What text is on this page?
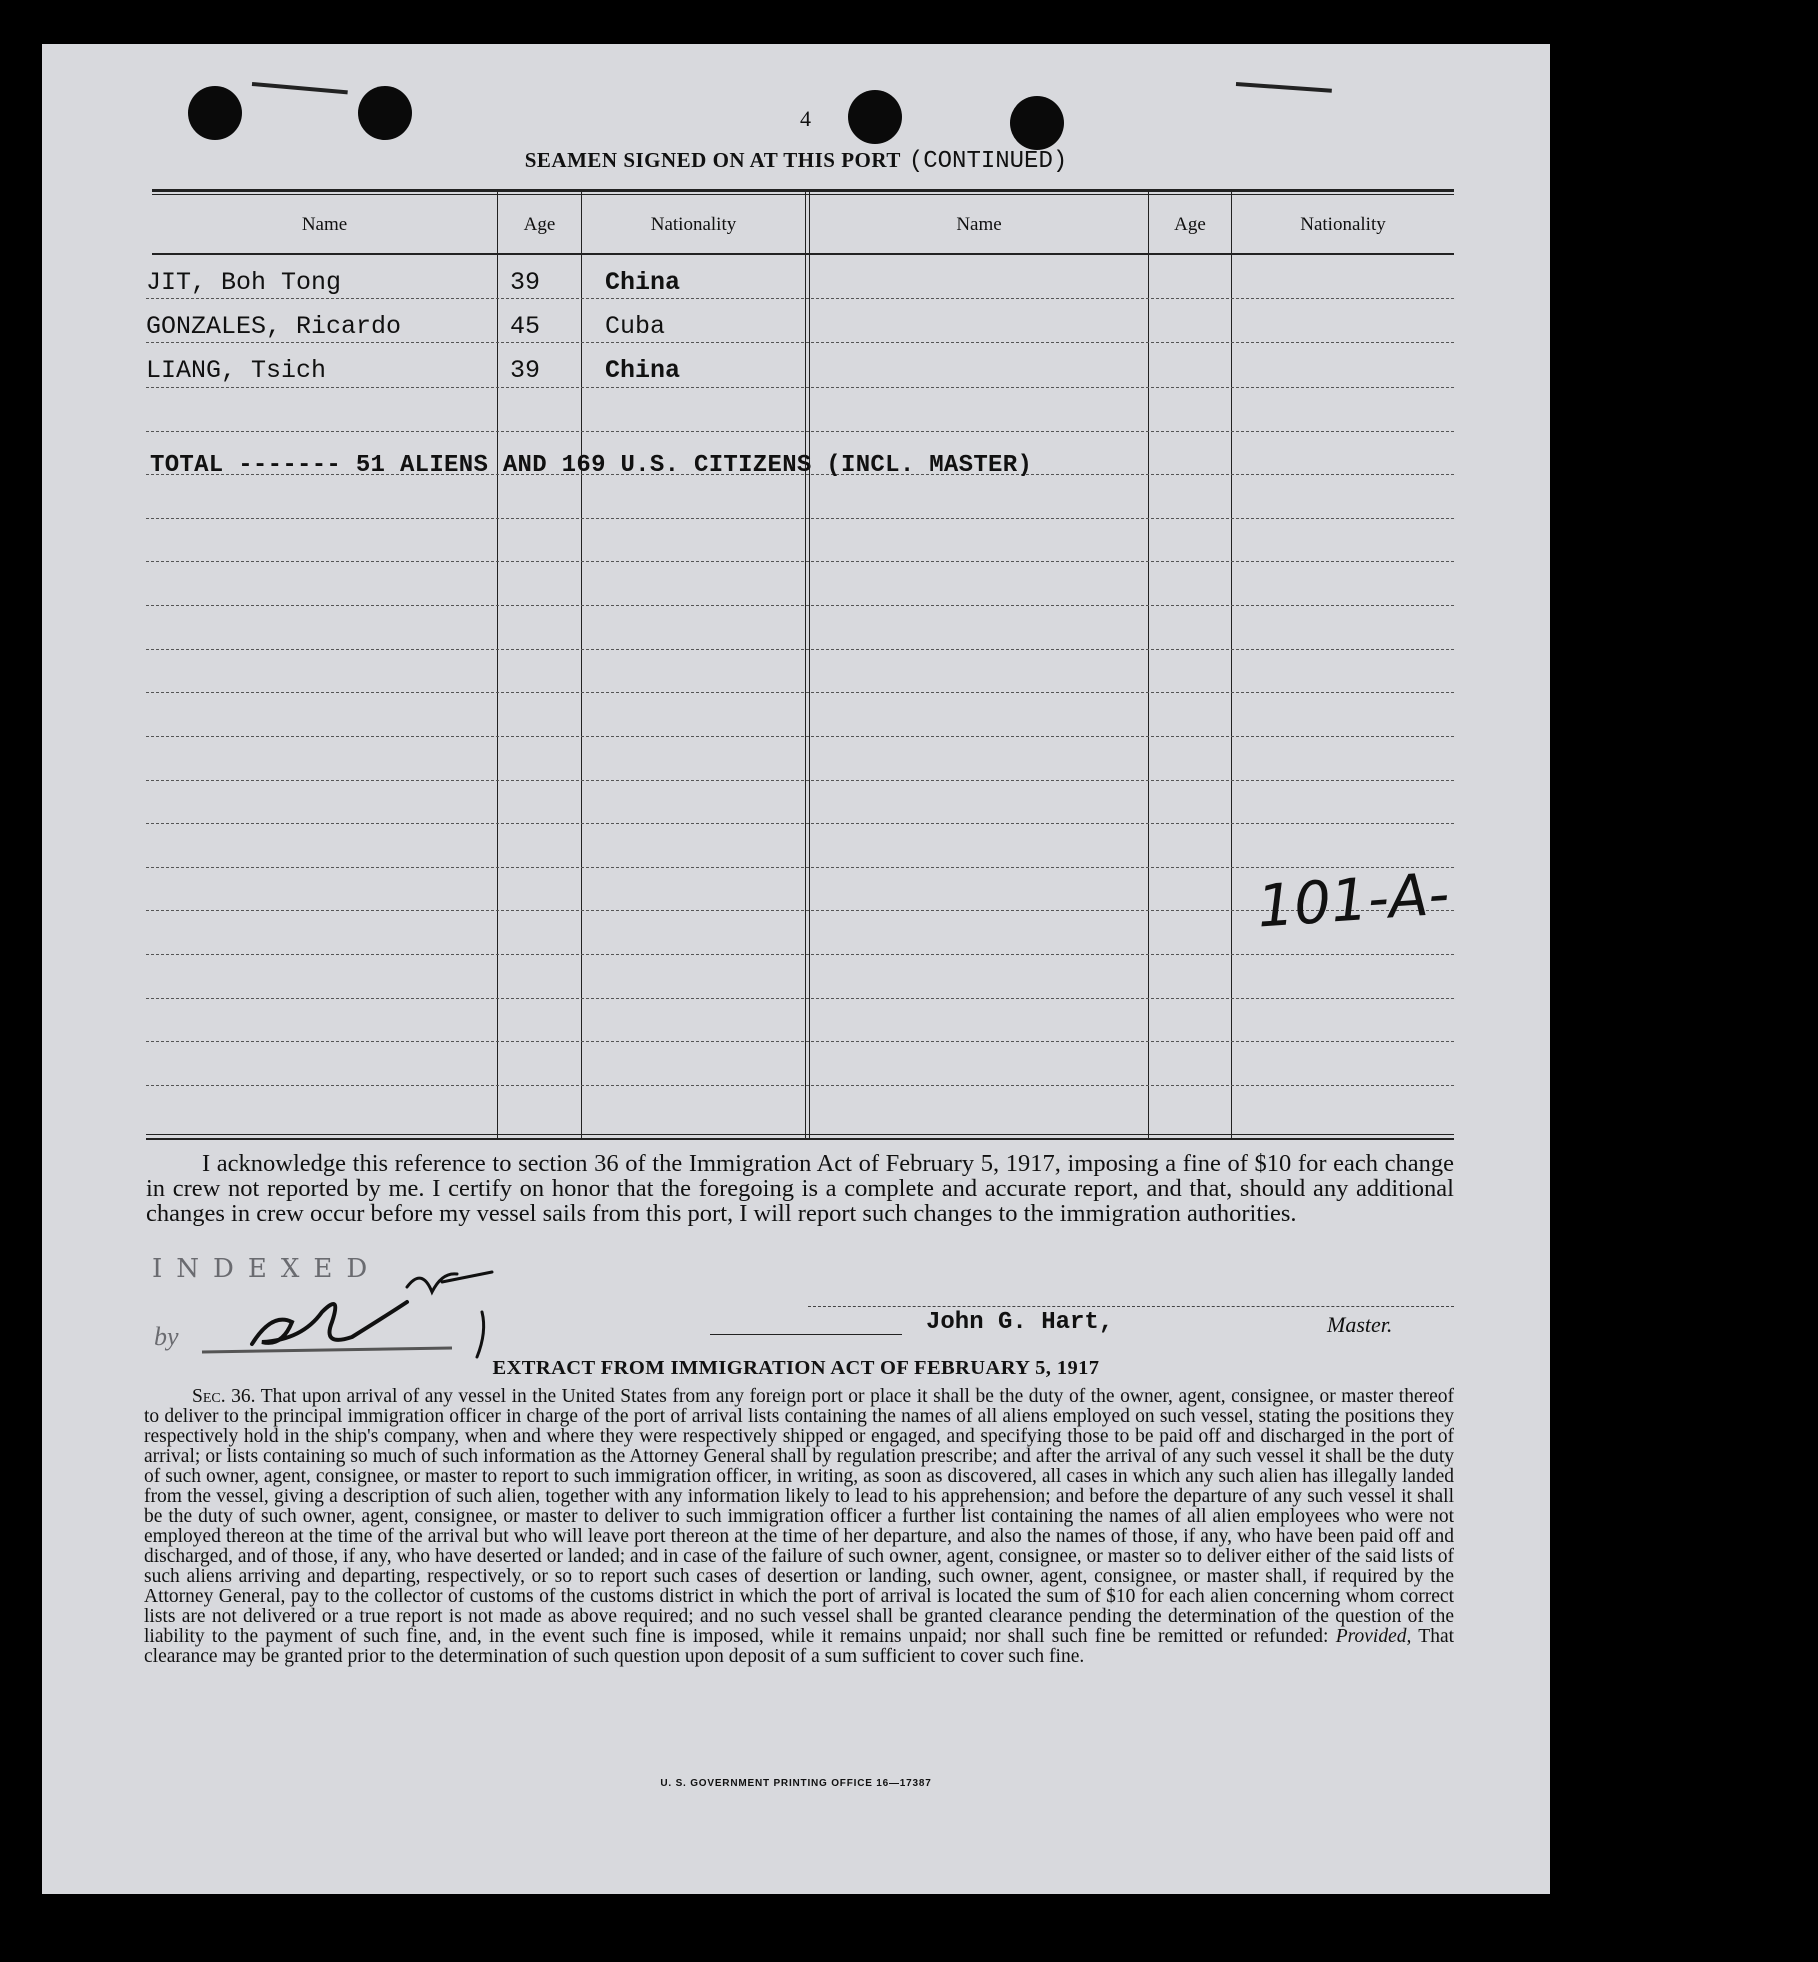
4
SEAMEN SIGNED ON AT THIS PORT (CONTINUED)
Name	Age	Nationality	Name	Age	Nationality
JIT, Boh Tong	39	China
GONZALES, Ricardo	45	Cuba
LIANG, Tsich	39	China
TOTAL ------- 51 ALIENS AND 169 U.S. CITIZENS (INCL. MASTER)
101-A-
I acknowledge this reference to section 36 of the Immigration Act of February 5, 1917, imposing a fine of $10 for each change in crew not reported by me. I certify on honor that the foregoing is a complete and accurate report, and that, should any additional changes in crew occur before my vessel sails from this port, I will report such changes to the immigration authorities.
INDEXED
by	John G. Hart,	Master.
EXTRACT FROM IMMIGRATION ACT OF FEBRUARY 5, 1917
Sec. 36. That upon arrival of any vessel in the United States from any foreign port or place it shall be the duty of the owner, agent, consignee, or master thereof to deliver to the principal immigration officer in charge of the port of arrival lists containing the names of all aliens employed on such vessel, stating the positions they respectively hold in the ship's company, when and where they were respectively shipped or engaged, and specifying those to be paid off and discharged in the port of arrival; or lists containing so much of such information as the Attorney General shall by regulation prescribe; and after the arrival of any such vessel it shall be the duty of such owner, agent, consignee, or master to report to such immigration officer, in writing, as soon as discovered, all cases in which any such alien has illegally landed from the vessel, giving a description of such alien, together with any information likely to lead to his apprehension; and before the departure of any such vessel it shall be the duty of such owner, agent, consignee, or master to deliver to such immigration officer a further list containing the names of all alien employees who were not employed thereon at the time of the arrival but who will leave port thereon at the time of her departure, and also the names of those, if any, who have been paid off and discharged, and of those, if any, who have deserted or landed; and in case of the failure of such owner, agent, consignee, or master so to deliver either of the said lists of such aliens arriving and departing, respectively, or so to report such cases of desertion or landing, such owner, agent, consignee, or master shall, if required by the Attorney General, pay to the collector of customs of the customs district in which the port of arrival is located the sum of $10 for each alien concerning whom correct lists are not delivered or a true report is not made as above required; and no such vessel shall be granted clearance pending the determination of the question of the liability to the payment of such fine, and, in the event such fine is imposed, while it remains unpaid; nor shall such fine be remitted or refunded: Provided, That clearance may be granted prior to the determination of such question upon deposit of a sum sufficient to cover such fine.
U. S. GOVERNMENT PRINTING OFFICE 16—17387
